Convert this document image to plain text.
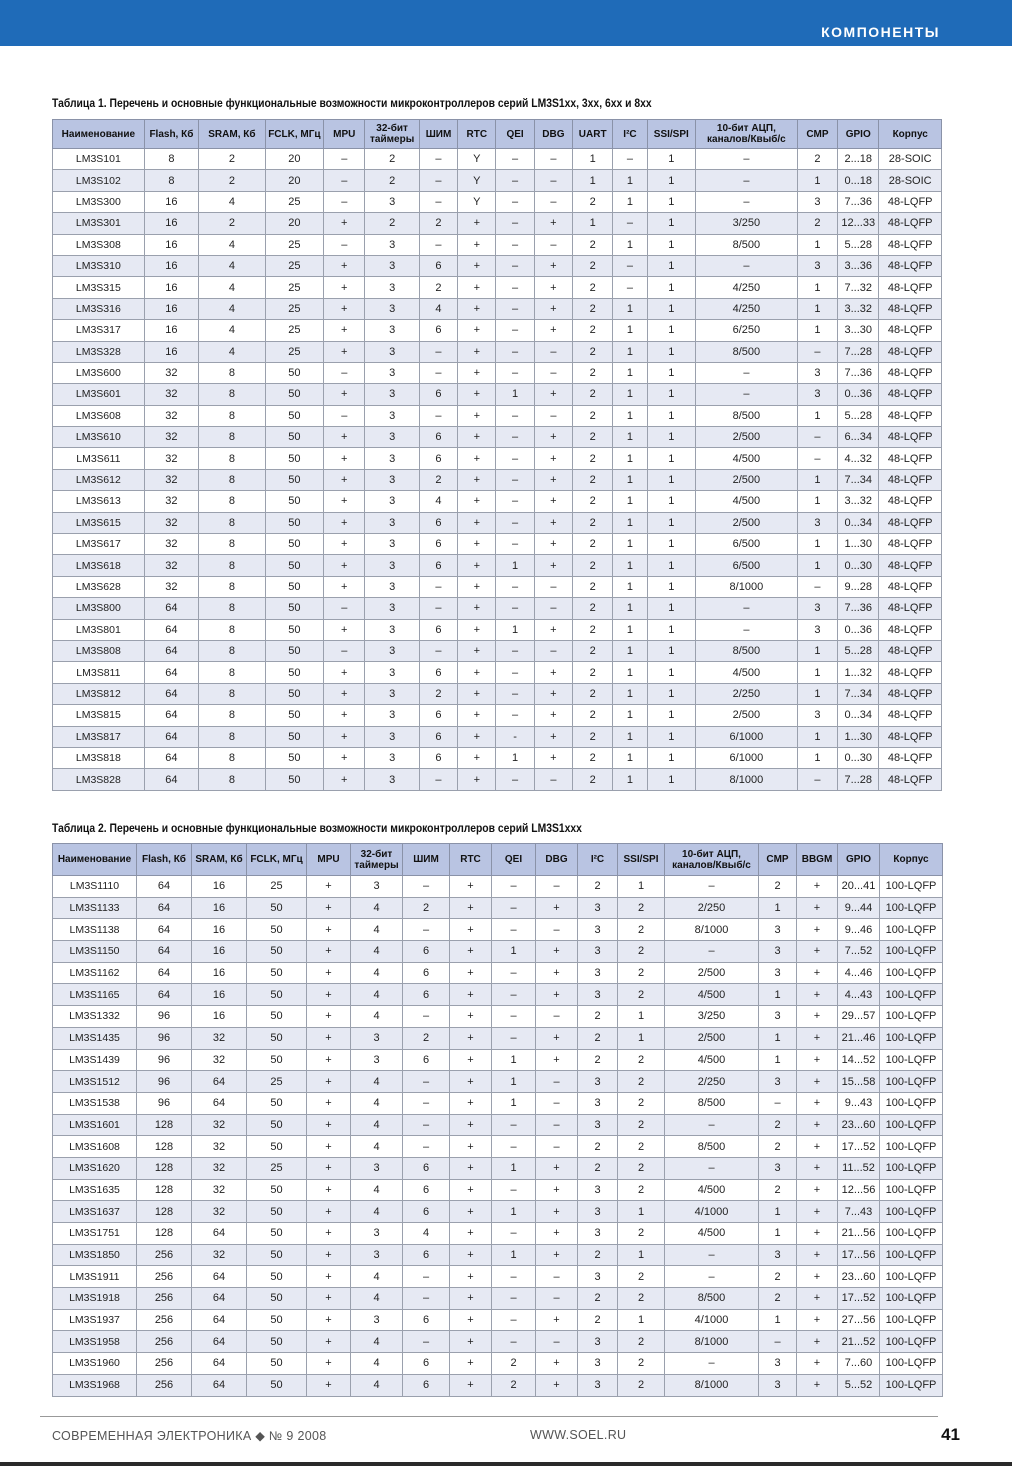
КОМПОНЕНТЫ
Таблица 1. Перечень и основные функциональные возможности микроконтроллеров серий LM3S1xx, 3xx, 6xx и 8xx
Наименование	Flash, Кб	SRAM, Кб	FCLK, МГц	MPU	32-бит таймеры	ШИМ	RTC	QEI	DBG	UART	I²C	SSI/SPI	10-бит АЦП, каналов/Квыб/с	CMP	GPIO	Корпус
LM3S101	8	2	20	–	2	–	Y	–	–	1	–	1	–	2	2...18	28-SOIC
LM3S102	8	2	20	–	2	–	Y	–	–	1	1	1	–	1	0...18	28-SOIC
LM3S300	16	4	25	–	3	–	Y	–	–	2	1	1	–	3	7...36	48-LQFP
LM3S301	16	2	20	+	2	2	+	–	+	1	–	1	3/250	2	12...33	48-LQFP
LM3S308	16	4	25	–	3	–	+	–	–	2	1	1	8/500	1	5...28	48-LQFP
LM3S310	16	4	25	+	3	6	+	–	+	2	–	1	–	3	3...36	48-LQFP
LM3S315	16	4	25	+	3	2	+	–	+	2	–	1	4/250	1	7...32	48-LQFP
LM3S316	16	4	25	+	3	4	+	–	+	2	1	1	4/250	1	3...32	48-LQFP
LM3S317	16	4	25	+	3	6	+	–	+	2	1	1	6/250	1	3...30	48-LQFP
LM3S328	16	4	25	+	3	–	+	–	–	2	1	1	8/500	–	7...28	48-LQFP
LM3S600	32	8	50	–	3	–	+	–	–	2	1	1	–	3	7...36	48-LQFP
LM3S601	32	8	50	+	3	6	+	1	+	2	1	1	–	3	0...36	48-LQFP
LM3S608	32	8	50	–	3	–	+	–	–	2	1	1	8/500	1	5...28	48-LQFP
LM3S610	32	8	50	+	3	6	+	–	+	2	1	1	2/500	–	6...34	48-LQFP
LM3S611	32	8	50	+	3	6	+	–	+	2	1	1	4/500	–	4...32	48-LQFP
LM3S612	32	8	50	+	3	2	+	–	+	2	1	1	2/500	1	7...34	48-LQFP
LM3S613	32	8	50	+	3	4	+	–	+	2	1	1	4/500	1	3...32	48-LQFP
LM3S615	32	8	50	+	3	6	+	–	+	2	1	1	2/500	3	0...34	48-LQFP
LM3S617	32	8	50	+	3	6	+	–	+	2	1	1	6/500	1	1...30	48-LQFP
LM3S618	32	8	50	+	3	6	+	1	+	2	1	1	6/500	1	0...30	48-LQFP
LM3S628	32	8	50	+	3	–	+	–	–	2	1	1	8/1000	–	9...28	48-LQFP
LM3S800	64	8	50	–	3	–	+	–	–	2	1	1	–	3	7...36	48-LQFP
LM3S801	64	8	50	+	3	6	+	1	+	2	1	1	–	3	0...36	48-LQFP
LM3S808	64	8	50	–	3	–	+	–	–	2	1	1	8/500	1	5...28	48-LQFP
LM3S811	64	8	50	+	3	6	+	–	+	2	1	1	4/500	1	1...32	48-LQFP
LM3S812	64	8	50	+	3	2	+	–	+	2	1	1	2/250	1	7...34	48-LQFP
LM3S815	64	8	50	+	3	6	+	–	+	2	1	1	2/500	3	0...34	48-LQFP
LM3S817	64	8	50	+	3	6	+	-	+	2	1	1	6/1000	1	1...30	48-LQFP
LM3S818	64	8	50	+	3	6	+	1	+	2	1	1	6/1000	1	0...30	48-LQFP
LM3S828	64	8	50	+	3	–	+	–	–	2	1	1	8/1000	–	7...28	48-LQFP
Таблица 2. Перечень и основные функциональные возможности микроконтроллеров серий LM3S1xxx
Наименование	Flash, Кб	SRAM, Кб	FCLK, МГц	MPU	32-бит таймеры	ШИМ	RTC	QEI	DBG	I²C	SSI/SPI	10-бит АЦП, каналов/Квыб/с	CMP	BBGM	GPIO	Корпус
LM3S1110	64	16	25	+	3	–	+	–	–	2	1	–	2	+	20...41	100-LQFP
LM3S1133	64	16	50	+	4	2	+	–	+	3	2	2/250	1	+	9...44	100-LQFP
LM3S1138	64	16	50	+	4	–	+	–	–	3	2	8/1000	3	+	9...46	100-LQFP
LM3S1150	64	16	50	+	4	6	+	1	+	3	2	–	3	+	7...52	100-LQFP
LM3S1162	64	16	50	+	4	6	+	–	+	3	2	2/500	3	+	4...46	100-LQFP
LM3S1165	64	16	50	+	4	6	+	–	+	3	2	4/500	1	+	4...43	100-LQFP
LM3S1332	96	16	50	+	4	–	+	–	–	2	1	3/250	3	+	29...57	100-LQFP
LM3S1435	96	32	50	+	3	2	+	–	+	2	1	2/500	1	+	21...46	100-LQFP
LM3S1439	96	32	50	+	3	6	+	1	+	2	2	4/500	1	+	14...52	100-LQFP
LM3S1512	96	64	25	+	4	–	+	1	–	3	2	2/250	3	+	15...58	100-LQFP
LM3S1538	96	64	50	+	4	–	+	1	–	3	2	8/500	–	+	9...43	100-LQFP
LM3S1601	128	32	50	+	4	–	+	–	–	3	2	–	2	+	23...60	100-LQFP
LM3S1608	128	32	50	+	4	–	+	–	–	2	2	8/500	2	+	17...52	100-LQFP
LM3S1620	128	32	25	+	3	6	+	1	+	2	2	–	3	+	11...52	100-LQFP
LM3S1635	128	32	50	+	4	6	+	–	+	3	2	4/500	2	+	12...56	100-LQFP
LM3S1637	128	32	50	+	4	6	+	1	+	3	1	4/1000	1	+	7...43	100-LQFP
LM3S1751	128	64	50	+	3	4	+	–	+	3	2	4/500	1	+	21...56	100-LQFP
LM3S1850	256	32	50	+	3	6	+	1	+	2	1	–	3	+	17...56	100-LQFP
LM3S1911	256	64	50	+	4	–	+	–	–	3	2	–	2	+	23...60	100-LQFP
LM3S1918	256	64	50	+	4	–	+	–	–	2	2	8/500	2	+	17...52	100-LQFP
LM3S1937	256	64	50	+	3	6	+	–	+	2	1	4/1000	1	+	27...56	100-LQFP
LM3S1958	256	64	50	+	4	–	+	–	–	3	2	8/1000	–	+	21...52	100-LQFP
LM3S1960	256	64	50	+	4	6	+	2	+	3	2	–	3	+	7...60	100-LQFP
LM3S1968	256	64	50	+	4	6	+	2	+	3	2	8/1000	3	+	5...52	100-LQFP
СОВРЕМЕННАЯ ЭЛЕКТРОНИКА ◆ № 9 2008	WWW.SOEL.RU	41
